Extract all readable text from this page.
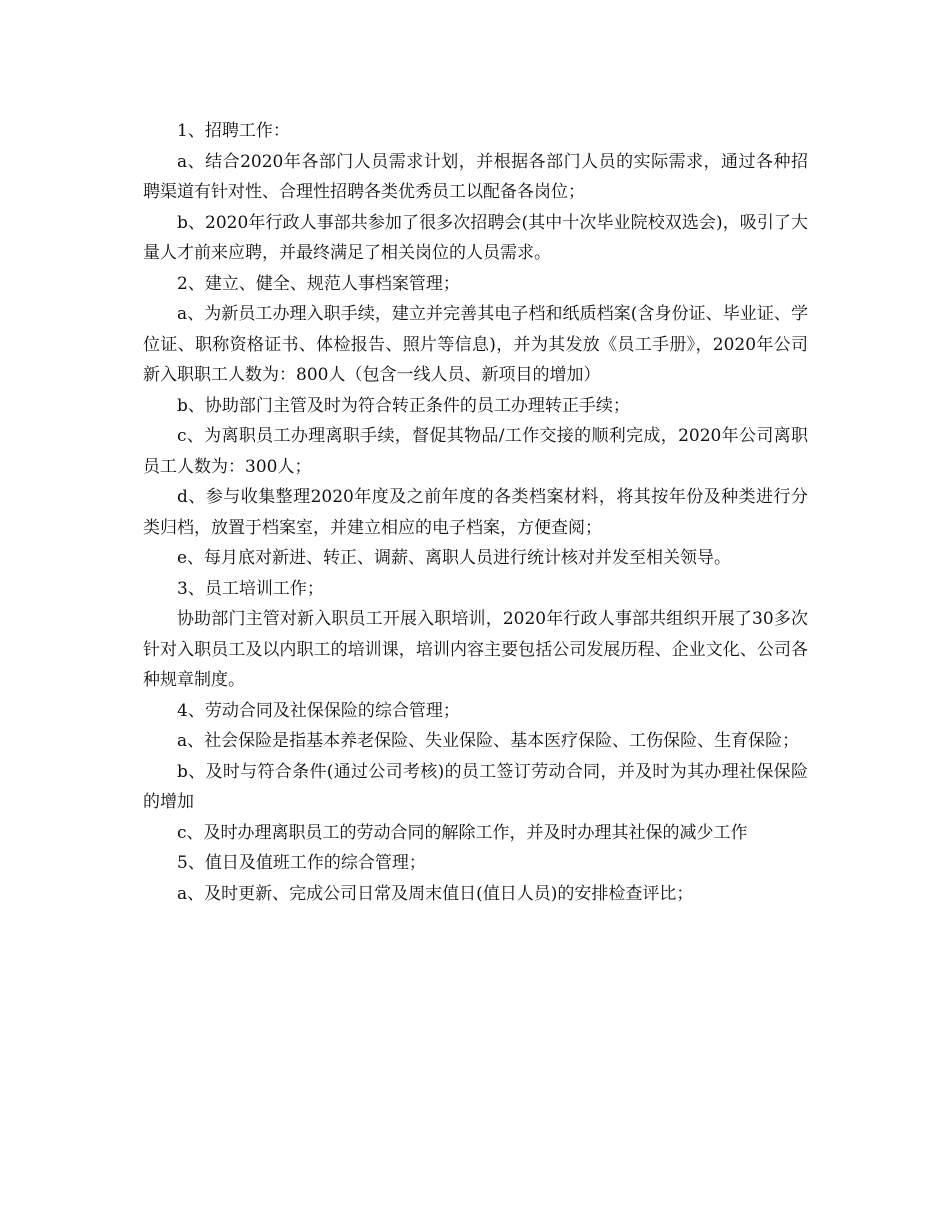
1、招聘工作：

a、结合2020年各部门人员需求计划，并根据各部门人员的实际需求，通过各种招聘渠道有针对性、合理性招聘各类优秀员工以配备各岗位；

b、2020年行政人事部共参加了很多次招聘会(其中十次毕业院校双选会)，吸引了大量人才前来应聘，并最终满足了相关岗位的人员需求。

2、建立、健全、规范人事档案管理；

a、为新员工办理入职手续，建立并完善其电子档和纸质档案(含身份证、毕业证、学位证、职称资格证书、体检报告、照片等信息)，并为其发放《员工手册》，2020年公司新入职职工人数为：800人（包含一线人员、新项目的增加）

b、协助部门主管及时为符合转正条件的员工办理转正手续；

c、为离职员工办理离职手续，督促其物品/工作交接的顺利完成，2020年公司离职员工人数为：300人；

d、参与收集整理2020年度及之前年度的各类档案材料，将其按年份及种类进行分类归档，放置于档案室，并建立相应的电子档案，方便查阅；

e、每月底对新进、转正、调薪、离职人员进行统计核对并发至相关领导。

3、员工培训工作；

协助部门主管对新入职员工开展入职培训，2020年行政人事部共组织开展了30多次针对入职员工及以内职工的培训课，培训内容主要包括公司发展历程、企业文化、公司各种规章制度。

4、劳动合同及社保保险的综合管理；

a、社会保险是指基本养老保险、失业保险、基本医疗保险、工伤保险、生育保险；

b、及时与符合条件(通过公司考核)的员工签订劳动合同，并及时为其办理社保保险的增加

c、及时办理离职员工的劳动合同的解除工作，并及时办理其社保的减少工作

5、值日及值班工作的综合管理；

a、及时更新、完成公司日常及周末值日(值日人员)的安排检查评比；
